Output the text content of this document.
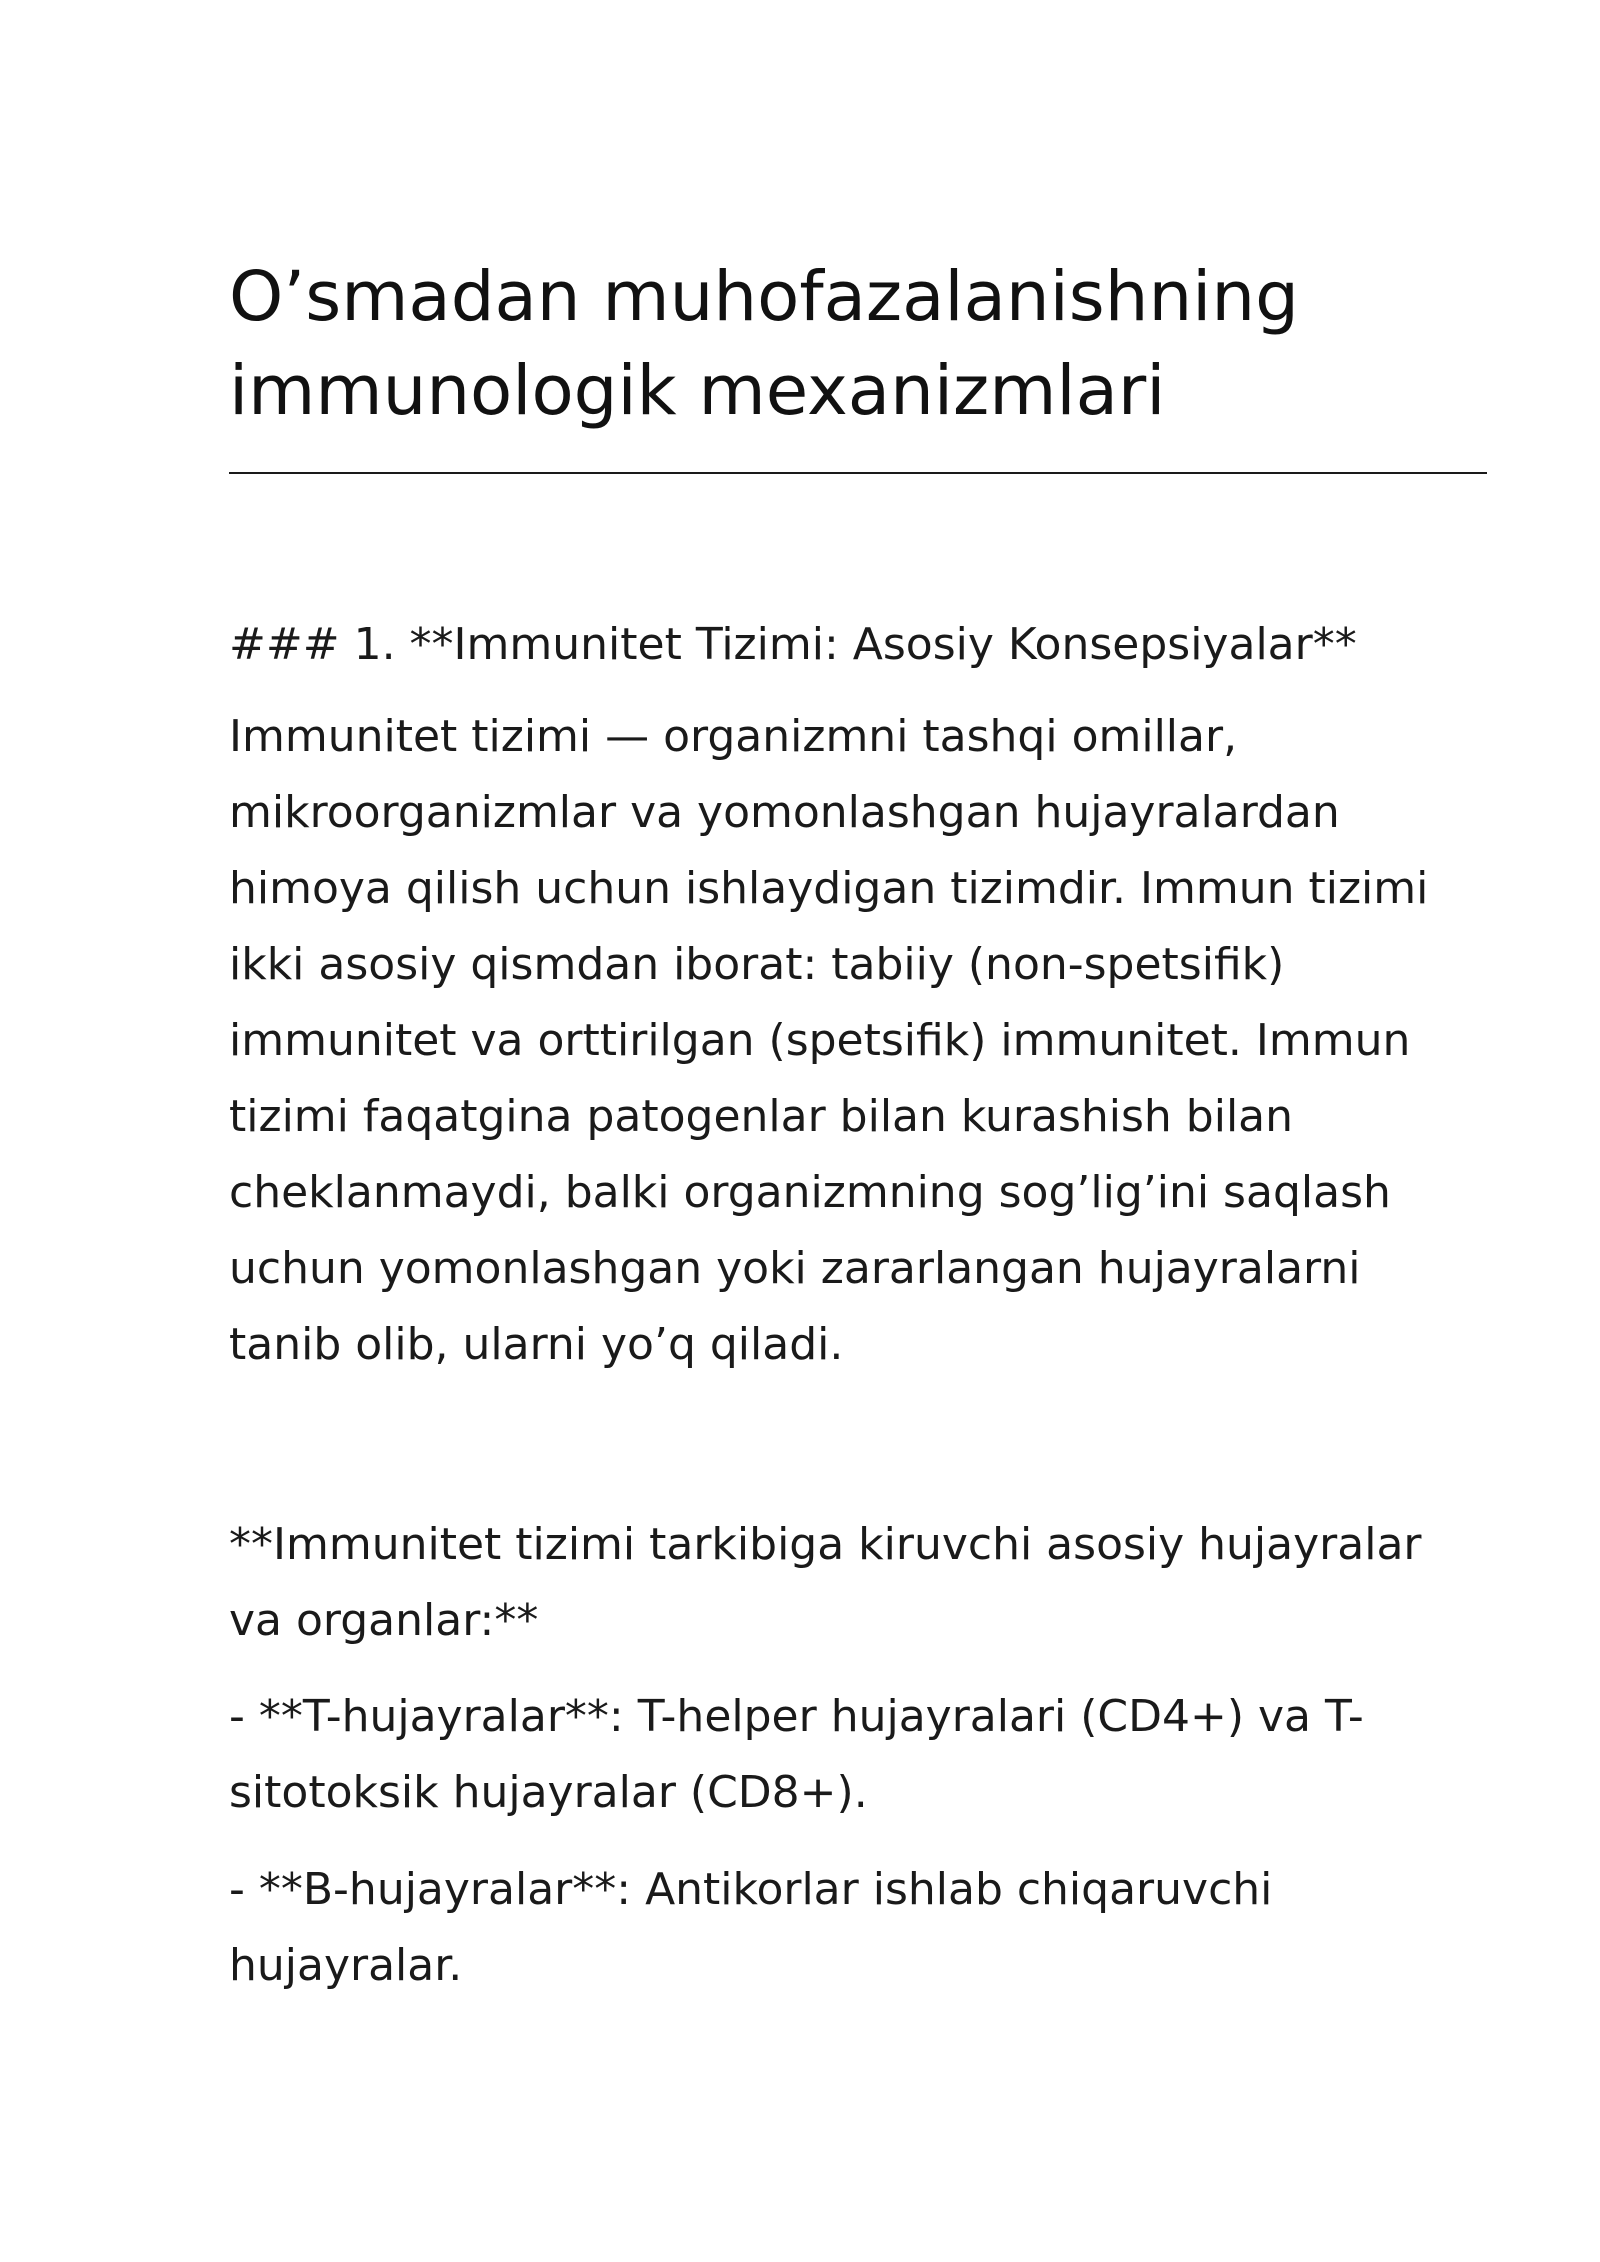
O’smadan muhofazalanishning
immunologik mexanizmlari

### 1. **Immunitet Tizimi: Asosiy Konsepsiyalar**

Immunitet tizimi — organizmni tashqi omillar,
mikroorganizmlar va yomonlashgan hujayralardan
himoya qilish uchun ishlaydigan tizimdir. Immun tizimi
ikki asosiy qismdan iborat: tabiiy (non-spetsifik)
immunitet va orttirilgan (spetsifik) immunitet. Immun
tizimi faqatgina patogenlar bilan kurashish bilan
cheklanmaydi, balki organizmning sog’lig’ini saqlash
uchun yomonlashgan yoki zararlangan hujayralarni
tanib olib, ularni yo’q qiladi.
**Immunitet tizimi tarkibiga kiruvchi asosiy hujayralar
va organlar:**
- **T-hujayralar**: T-helper hujayralari (CD4+) va T-
sitotoksik hujayralar (CD8+).
- **B-hujayralar**: Antikorlar ishlab chiqaruvchi
hujayralar.
